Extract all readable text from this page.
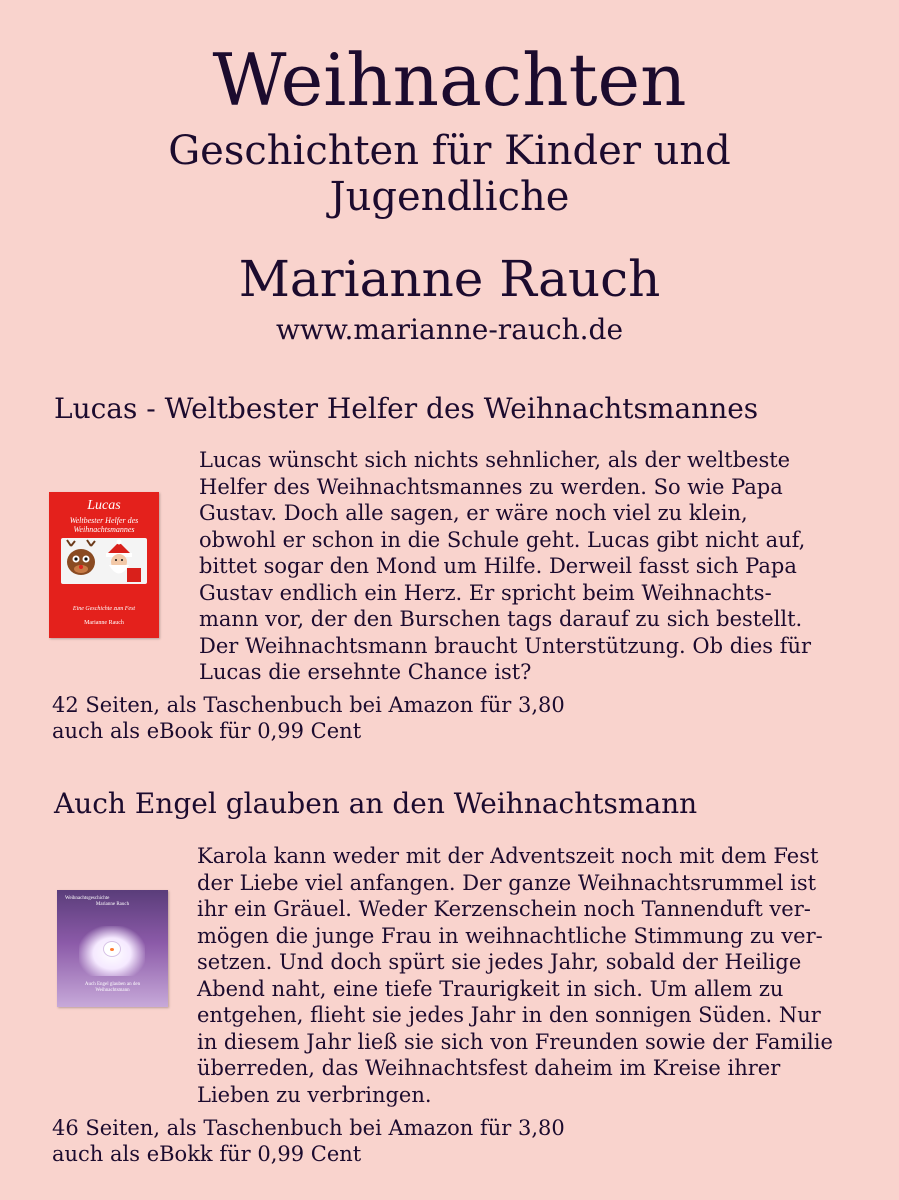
Weihnachten
Geschichten für Kinder und
Jugendliche
Marianne Rauch
www.marianne-rauch.de
Lucas - Weltbester Helfer des Weihnachtsmannes
Lucas
Weltbester Helfer des Weihnachtsmannes
Eine Geschichte zum Fest
Marianne Rauch
Lucas wünscht sich nichts sehnlicher, als der weltbeste
Helfer des Weihnachtsmannes zu werden. So wie Papa
Gustav. Doch alle sagen, er wäre noch viel zu klein,
obwohl er schon in die Schule geht. Lucas gibt nicht auf,
bittet sogar den Mond um Hilfe. Derweil fasst sich Papa
Gustav endlich ein Herz. Er spricht beim Weihnachts-
mann vor, der den Burschen tags darauf zu sich bestellt.
Der Weihnachtsmann braucht Unterstützung. Ob dies für
Lucas die ersehnte Chance ist?
42 Seiten, als Taschenbuch bei Amazon für 3,80
auch als eBook für 0,99 Cent
Auch Engel glauben an den Weihnachtsmann
Weihnachtsgeschichte
Marianne Rauch
Auch Engel glauben an den
Weihnachtsmann
Karola kann weder mit der Adventszeit noch mit dem Fest
der Liebe viel anfangen. Der ganze Weihnachtsrummel ist
ihr ein Gräuel. Weder Kerzenschein noch Tannenduft ver-
mögen die junge Frau in weihnachtliche Stimmung zu ver-
setzen. Und doch spürt sie jedes Jahr, sobald der Heilige
Abend naht, eine tiefe Traurigkeit in sich. Um allem zu
entgehen, flieht sie jedes Jahr in den sonnigen Süden. Nur
in diesem Jahr ließ sie sich von Freunden sowie der Familie
überreden, das Weihnachtsfest daheim im Kreise ihrer
Lieben zu verbringen.
46 Seiten, als Taschenbuch bei Amazon für 3,80
auch als eBokk für 0,99 Cent
